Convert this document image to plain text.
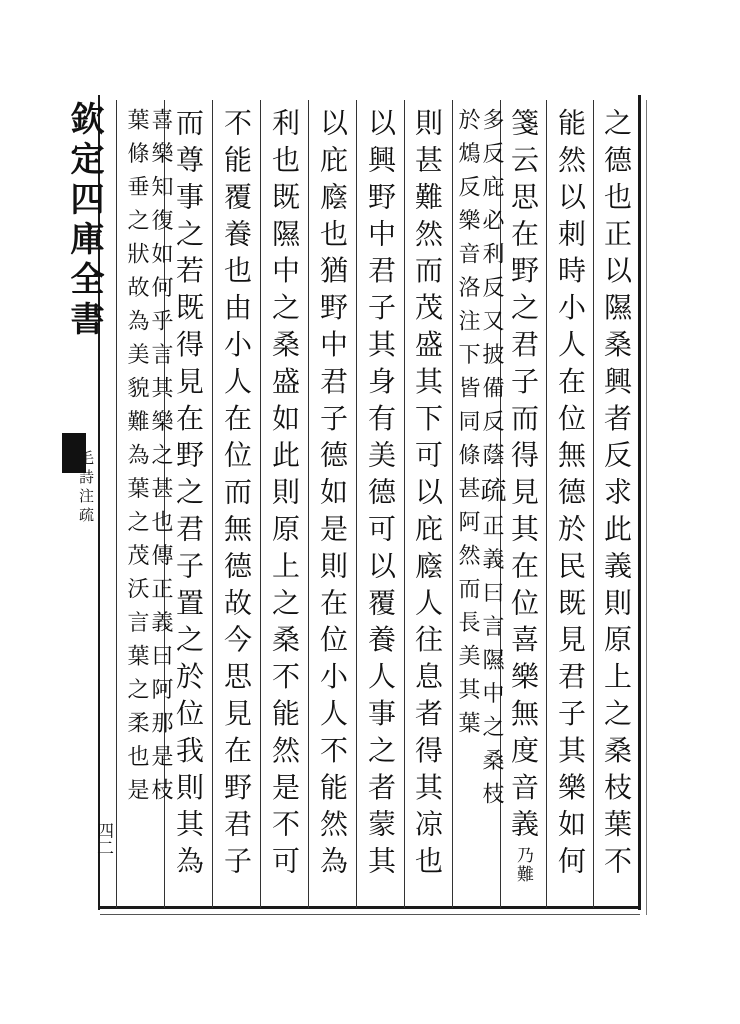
欽定四庫全書
毛詩注疏
四二	之德也正以隰桑興者反求此義則原上之桑枝葉不
能然以刺時小人在位無德於民既見君子其樂如何
箋云思在野之君子而得見其在位喜樂無度音義乃難
多反庇必利反又披備反蔭疏正義曰言隰中之桑枝
於鴆反樂音洛注下皆同條甚阿然而長美其葉
則甚難然而茂盛其下可以庇廕人往息者得其凉也
以興野中君子其身有美德可以覆養人事之者蒙其
以庇廕也猶野中君子德如是則在位小人不能然為
利也既隰中之桑盛如此則原上之桑不能然是不可
不能覆養也由小人在位而無德故今思見在野君子
而尊事之若既得見在野之君子置之於位我則其為
喜樂知復如何乎言其樂之甚也傳正義曰阿那是枝
葉條垂之狀故為美貌難為葉之茂沃言葉之柔也是
